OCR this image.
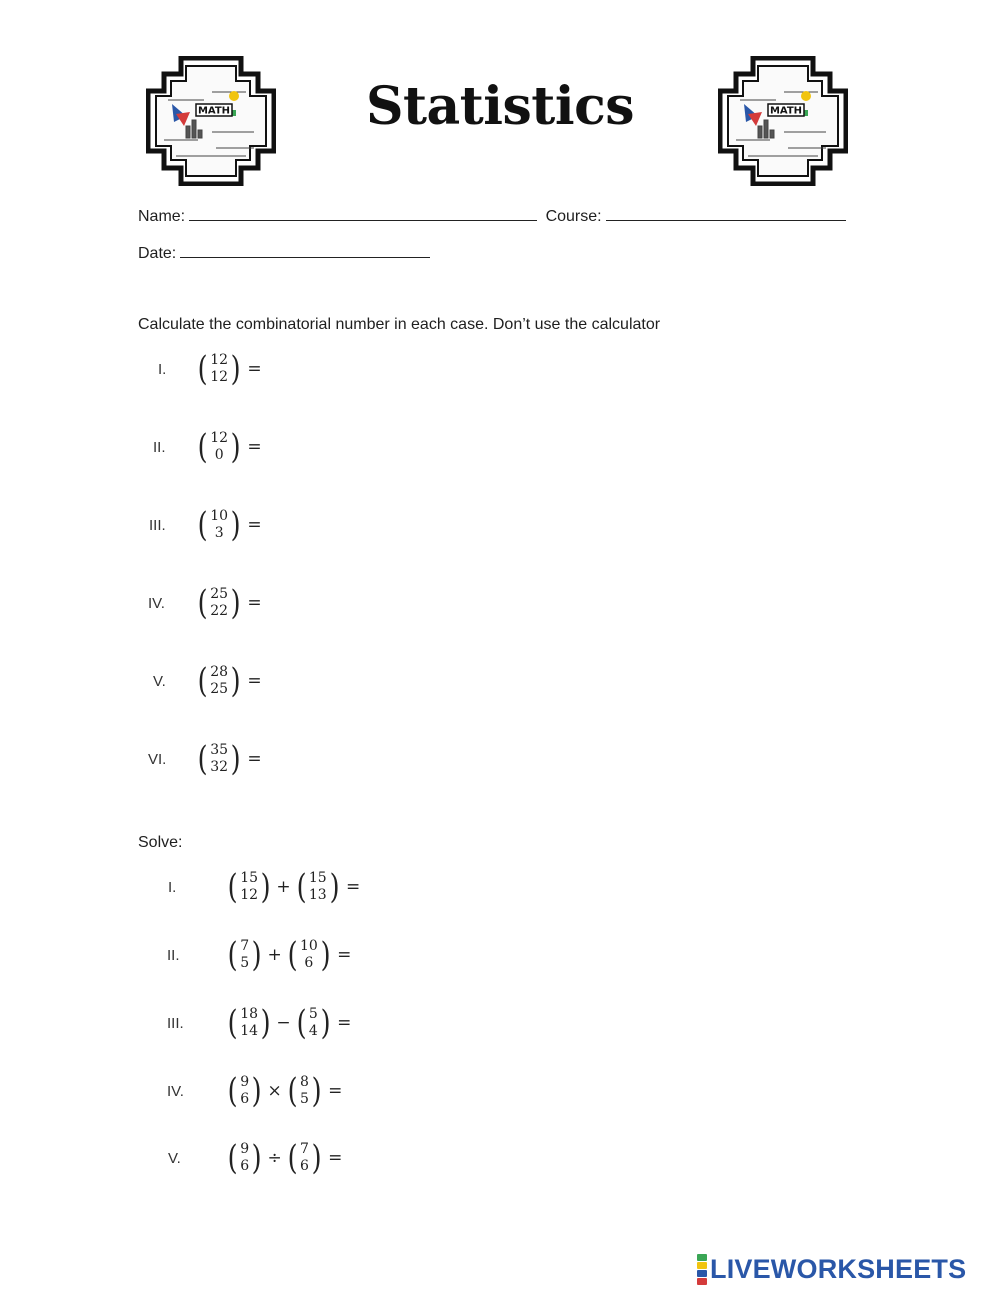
MATH	Statistics	MATH
Name:	Course:
Date:
Calculate the combinatorial number in each case. Don’t use the calculator
I. ( 12
12 ) =
II. ( 12
0 ) =
III. ( 10
3 ) =
IV. ( 25
22 ) =
V. ( 28
25 ) =
VI. ( 35
32 ) =
Solve:
I. ( 15
12 ) + ( 15
13 ) =
II. ( 7
5 ) + ( 10
6 ) =
III. ( 18
14 ) − ( 5
4 ) =
IV. ( 9
6 ) × ( 8
5 ) =
V. ( 9
6 ) ÷ ( 7
6 ) =
LIVEWORKSHEETS
